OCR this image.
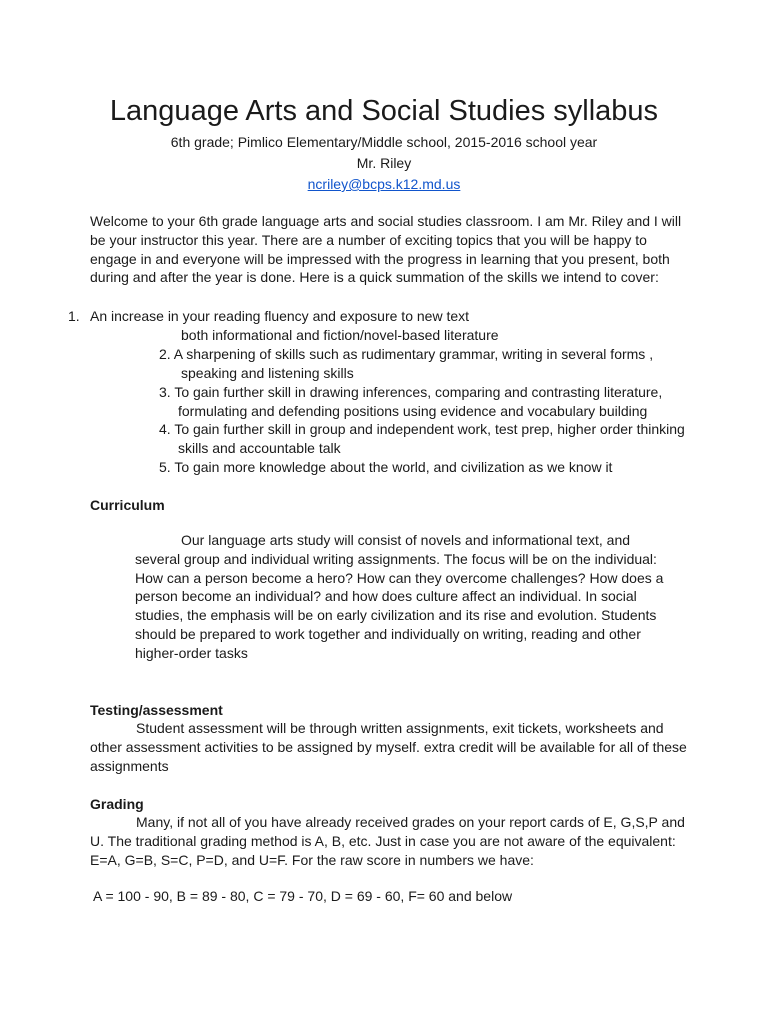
Language Arts and Social Studies syllabus
6th grade; Pimlico Elementary/Middle school, 2015-2016 school year
Mr. Riley
ncriley@bcps.k12.md.us
Welcome to your 6th grade language arts and social studies classroom. I am Mr. Riley and I will be your instructor this year. There are a number of exciting topics that you will be happy to engage in and everyone will be impressed with the progress in learning that you present, both during and after the year is done. Here is a quick summation of the skills we intend to cover:
1. An increase in your reading fluency and exposure to new text
both informational and fiction/novel-based literature
2. A sharpening of skills such as rudimentary grammar, writing in several forms ,
speaking and listening skills
3. To gain further skill in drawing inferences, comparing and contrasting literature,
formulating and defending positions using evidence and vocabulary building
4. To gain further skill in group and independent work, test prep, higher order thinking
skills and accountable talk
5. To gain more knowledge about the world, and civilization as we know it
Curriculum
Our language arts study will consist of novels and informational text, and several group and individual writing assignments. The focus will be on the individual: How can a person become a hero? How can they overcome challenges? How does a person become an individual? and how does culture affect an individual. In social studies, the emphasis will be on early civilization and its rise and evolution. Students should be prepared to work together and individually on writing, reading and other higher-order tasks
Testing/assessment
Student assessment will be through written assignments, exit tickets, worksheets and other assessment activities to be assigned by myself. extra credit will be available for all of these assignments
Grading
Many, if not all of you have already received grades on your report cards of E, G,S,P and U. The traditional grading method is A, B, etc. Just in case you are not aware of the equivalent: E=A, G=B, S=C, P=D, and U=F. For the raw score in numbers we have:
A = 100 - 90, B = 89 - 80, C = 79 - 70, D = 69 - 60, F= 60 and below
